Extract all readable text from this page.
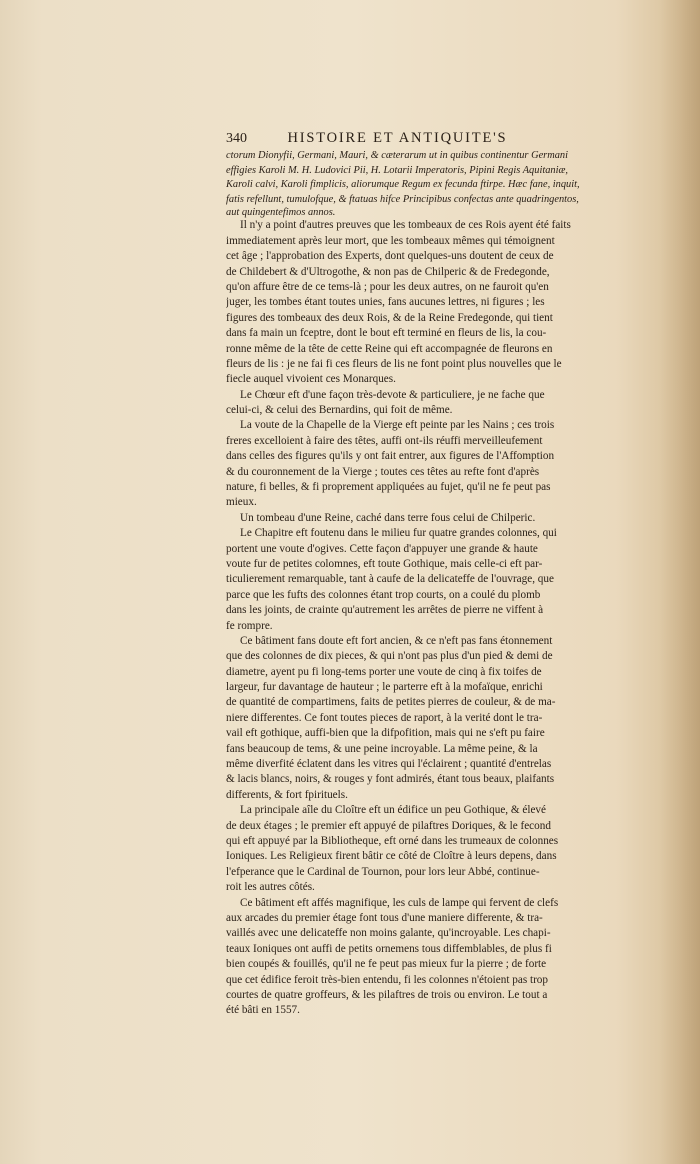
340	HISTOIRE ET ANTIQUITE'S
ctorum Dionyfii, Germani, Mauri, & cæterarum ut in quibus continentur Germani
effigies Karoli M. H. Ludovici Pii, H. Lotarii Imperatoris, Pipini Regis Aquitaniæ,
Karoli calvi, Karoli fimplicis, aliorumque Regum ex fecunda ftirpe. Hæc fane, inquit,
fatis refellunt, tumulofque, & ftatuas hifce Principibus confectas ante quadringentos,
aut quingentefimos annos.
Il n'y a point d'autres preuves que les tombeaux de ces Rois ayent été faits
immediatement après leur mort, que les tombeaux mêmes qui témoignent
cet âge ; l'approbation des Experts, dont quelques-uns doutent de ceux de
de Childebert & d'Ultrogothe, & non pas de Chilperic & de Fredegonde,
qu'on affure être de ce tems-là ; pour les deux autres, on ne fauroit qu'en
juger, les tombes étant toutes unies, fans aucunes lettres, ni figures ; les
figures des tombeaux des deux Rois, & de la Reine Fredegonde, qui tient
dans fa main un fceptre, dont le bout eft terminé en fleurs de lis, la cou-
ronne même de la tête de cette Reine qui eft accompagnée de fleurons en
fleurs de lis : je ne fai fi ces fleurs de lis ne font point plus nouvelles que le
fiecle auquel vivoient ces Monarques.
Le Chœur eft d'une façon très-devote & particuliere, je ne fache que
celui-ci, & celui des Bernardins, qui foit de même.
La voute de la Chapelle de la Vierge eft peinte par les Nains ; ces trois
freres excelloient à faire des têtes, auffi ont-ils réuffi merveilleufement
dans celles des figures qu'ils y ont fait entrer, aux figures de l'Affomption
& du couronnement de la Vierge ; toutes ces têtes au refte font d'après
nature, fi belles, & fi proprement appliquées au fujet, qu'il ne fe peut pas
mieux.
Un tombeau d'une Reine, caché dans terre fous celui de Chilperic.
Le Chapitre eft foutenu dans le milieu fur quatre grandes colonnes, qui
portent une voute d'ogives. Cette façon d'appuyer une grande & haute
voute fur de petites colomnes, eft toute Gothique, mais celle-ci eft par-
ticulierement remarquable, tant à caufe de la delicateffe de l'ouvrage, que
parce que les fufts des colonnes étant trop courts, on a coulé du plomb
dans les joints, de crainte qu'autrement les arrêtes de pierre ne viffent à
fe rompre.
Ce bâtiment fans doute eft fort ancien, & ce n'eft pas fans étonnement
que des colonnes de dix pieces, & qui n'ont pas plus d'un pied & demi de
diametre, ayent pu fi long-tems porter une voute de cinq à fix toifes de
largeur, fur davantage de hauteur ; le parterre eft à la mofaïque, enrichi
de quantité de compartimens, faits de petites pierres de couleur, & de ma-
niere differentes. Ce font toutes pieces de raport, à la verité dont le tra-
vail eft gothique, auffi-bien que la difpofition, mais qui ne s'eft pu faire
fans beaucoup de tems, & une peine incroyable. La même peine, & la
même diverfité éclatent dans les vitres qui l'éclairent ; quantité d'entrelas
& lacis blancs, noirs, & rouges y font admirés, étant tous beaux, plaifants
differents, & fort fpirituels.
La principale aîle du Cloître eft un édifice un peu Gothique, & élevé
de deux étages ; le premier eft appuyé de pilaftres Doriques, & le fecond
qui eft appuyé par la Bibliotheque, eft orné dans les trumeaux de colonnes
Ioniques. Les Religieux firent bâtir ce côté de Cloître à leurs depens, dans
l'efperance que le Cardinal de Tournon, pour lors leur Abbé, continue-
roit les autres côtés.
Ce bâtiment eft affés magnifique, les culs de lampe qui fervent de clefs
aux arcades du premier étage font tous d'une maniere differente, & tra-
vaillés avec une delicateffe non moins galante, qu'incroyable. Les chapi-
teaux Ioniques ont auffi de petits ornemens tous diffemblables, de plus fi
bien coupés & fouillés, qu'il ne fe peut pas mieux fur la pierre ; de forte
que cet édifice feroit très-bien entendu, fi les colonnes n'étoient pas trop
courtes de quatre groffeurs, & les pilaftres de trois ou environ. Le tout a
été bâti en 1557.
